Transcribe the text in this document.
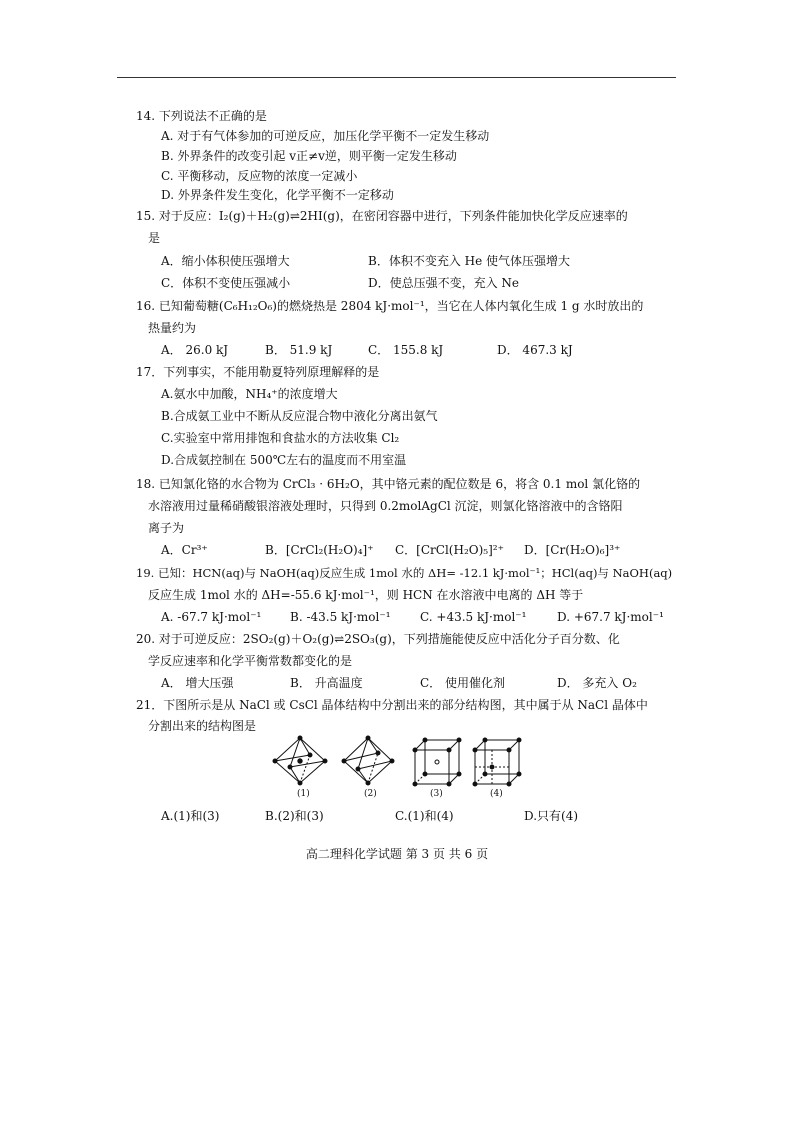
14. 下列说法不正确的是
A. 对于有气体参加的可逆反应，加压化学平衡不一定发生移动
B. 外界条件的改变引起 v正≠v逆，则平衡一定发生移动
C. 平衡移动，反应物的浓度一定减小
D. 外界条件发生变化，化学平衡不一定移动
15. 对于反应：I₂(g)＋H₂(g)⇌2HI(g)，在密闭容器中进行，下列条件能加快化学反应速率的
是
A．缩小体积使压强增大	B．体积不变充入 He 使气体压强增大
C．体积不变使压强减小	D．使总压强不变，充入 Ne
16. 已知葡萄糖(C₆H₁₂O₆)的燃烧热是 2804 kJ·mol⁻¹，当它在人体内氧化生成 1 g 水时放出的
热量约为
A． 26.0 kJ	B． 51.9 kJ	C． 155.8 kJ	D． 467.3 kJ
17．下列事实，不能用勒夏特列原理解释的是
A.氨水中加酸，NH₄⁺的浓度增大
B.合成氨工业中不断从反应混合物中液化分离出氨气
C.实验室中常用排饱和食盐水的方法收集 Cl₂
D.合成氨控制在 500℃左右的温度而不用室温
18. 已知氯化铬的水合物为 CrCl₃ · 6H₂O，其中铬元素的配位数是 6，将含 0.1 mol 氯化铬的
水溶液用过量稀硝酸银溶液处理时，只得到 0.2molAgCl 沉淀，则氯化铬溶液中的含铬阳
离子为
A．Cr³⁺	B．[CrCl₂(H₂O)₄]⁺ C．[CrCl(H₂O)₅]²⁺ D．[Cr(H₂O)₆]³⁺
19. 已知：HCN(aq)与 NaOH(aq)反应生成 1mol 水的 ΔH= -12.1 kJ·mol⁻¹；HCl(aq)与 NaOH(aq)
反应生成 1mol 水的 ΔH=-55.6 kJ·mol⁻¹，则 HCN 在水溶液中电离的 ΔH 等于
A. -67.7 kJ·mol⁻¹ B. -43.5 kJ·mol⁻¹ C. +43.5 kJ·mol⁻¹	D. +67.7 kJ·mol⁻¹
20. 对于可逆反应：2SO₂(g)＋O₂(g)⇌2SO₃(g)，下列措施能使反应中活化分子百分数、化
学反应速率和化学平衡常数都变化的是
A． 增大压强	B． 升高温度	C． 使用催化剂	D． 多充入 O₂
21．下图所示是从 NaCl 或 CsCl 晶体结构中分割出来的部分结构图，其中属于从 NaCl 晶体中
分割出来的结构图是
(1)	(2)	(3)	(4)
A.(1)和(3)	B.(2)和(3)	C.(1)和(4)	D.只有(4)
高二理科化学试题 第 3 页 共 6 页
